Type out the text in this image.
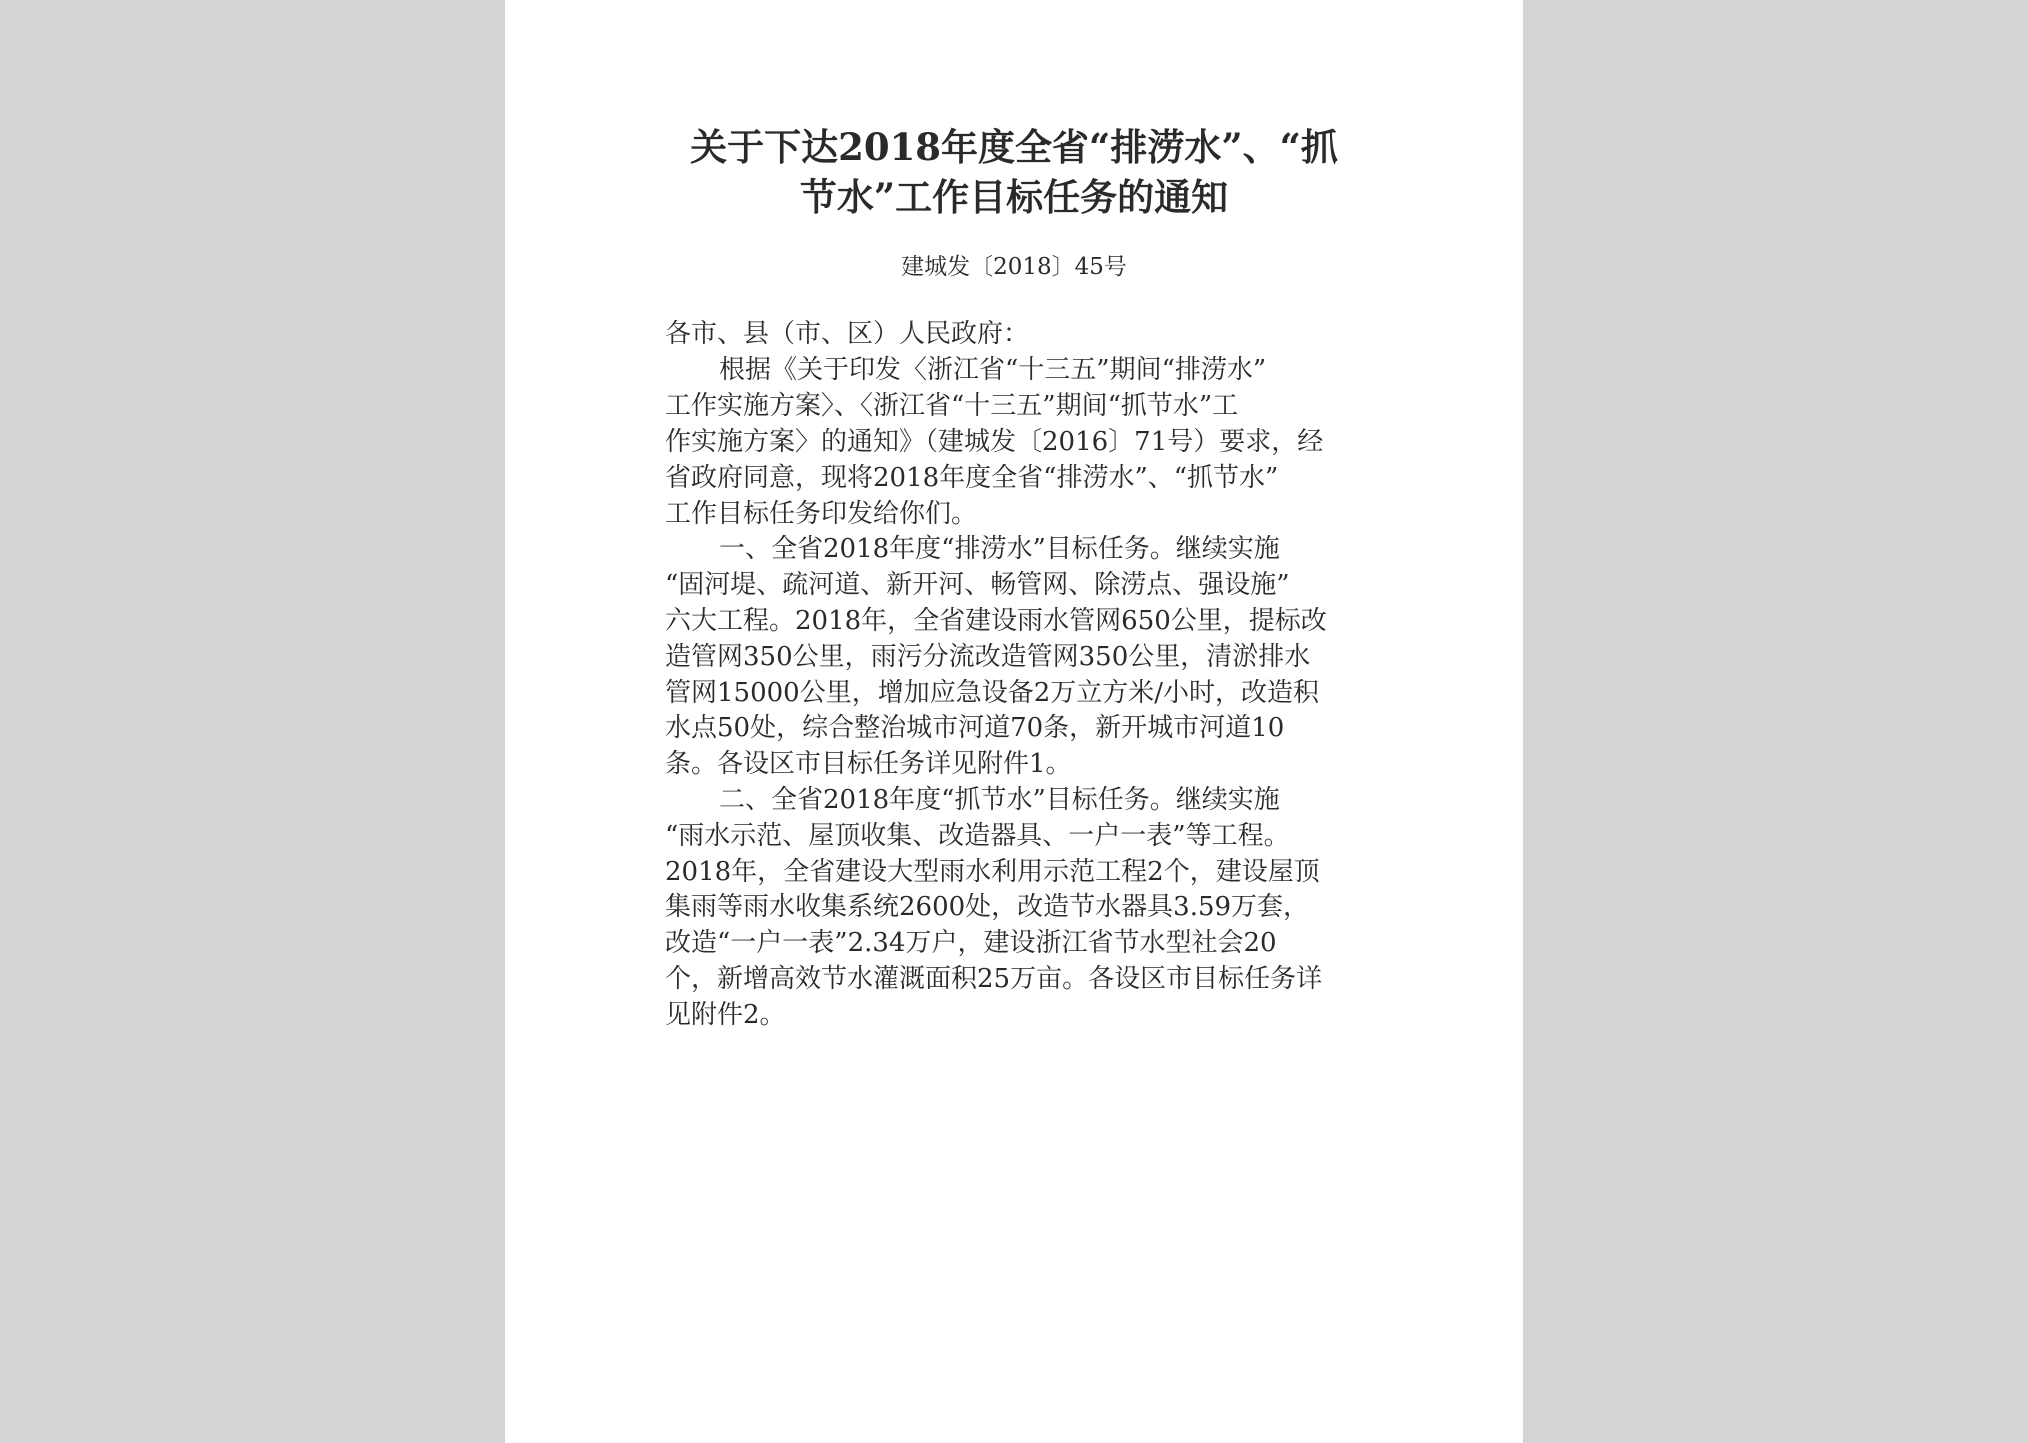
关于下达2018年度全省“排涝水”、“抓
节水”工作目标任务的通知
建城发〔2018〕45号
各市、县（市、区）人民政府：
根据《关于印发〈浙江省“十三五”期间“排涝水”
工作实施方案〉、〈浙江省“十三五”期间“抓节水”工
作实施方案〉的通知》（建城发〔2016〕71号）要求，经
省政府同意，现将2018年度全省“排涝水”、“抓节水”
工作目标任务印发给你们。
一、全省2018年度“排涝水”目标任务。继续实施
“固河堤、疏河道、新开河、畅管网、除涝点、强设施”
六大工程。2018年，全省建设雨水管网650公里，提标改
造管网350公里，雨污分流改造管网350公里，清淤排水
管网15000公里，增加应急设备2万立方米/小时，改造积
水点50处，综合整治城市河道70条，新开城市河道10
条。各设区市目标任务详见附件1。
二、全省2018年度“抓节水”目标任务。继续实施
“雨水示范、屋顶收集、改造器具、一户一表”等工程。
2018年，全省建设大型雨水利用示范工程2个，建设屋顶
集雨等雨水收集系统2600处，改造节水器具3.59万套，
改造“一户一表”2.34万户，建设浙江省节水型社会20
个，新增高效节水灌溉面积25万亩。各设区市目标任务详
见附件2。
